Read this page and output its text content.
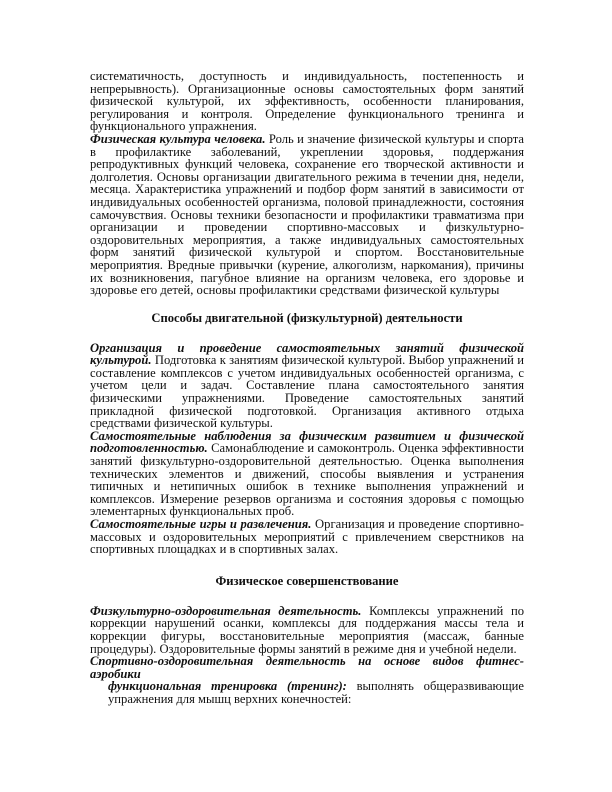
систематичность, доступность и индивидуальность, постепенность и непрерывность). Организационные основы самостоятельных форм занятий физической культурой, их эффективность, особенности планирования, регулирования и контроля. Определение функционального тренинга и функционального упражнения.

Физическая культура человека. Роль и значение физической культуры и спорта в профилактике заболеваний, укреплении здоровья, поддержания репродуктивных функций человека, сохранение его творческой активности и долголетия. Основы организации двигательного режима в течении дня, недели, месяца. Характеристика упражнений и подбор форм занятий в зависимости от индивидуальных особенностей организма, половой принадлежности, состояния самочувствия. Основы техники безопасности и профилактики травматизма при организации и проведении спортивно-массовых и физкультурно-оздоровительных мероприятия, а также индивидуальных самостоятельных форм занятий физической культурой и спортом. Восстановительные мероприятия. Вредные привычки (курение, алкоголизм, наркомания), причины их возникновения, пагубное влияние на организм человека, его здоровье и здоровье его детей, основы профилактики средствами физической культуры

Способы двигательной (физкультурной) деятельности

Организация и проведение самостоятельных занятий физической культурой. Подготовка к занятиям физической культурой. Выбор упражнений и составление комплексов с учетом индивидуальных особенностей организма, с учетом цели и задач. Составление плана самостоятельного занятия физическими упражнениями. Проведение самостоятельных занятий прикладной физической подготовкой. Организация активного отдыха средствами физической культуры.

Самостоятельные наблюдения за физическим развитием и физической подготовленностью. Самонаблюдение и самоконтроль. Оценка эффективности занятий физкультурно-оздоровительной деятельностью. Оценка выполнения технических элементов и движений, способы выявления и устранения типичных и нетипичных ошибок в технике выполнения упражнений и комплексов. Измерение резервов организма и состояния здоровья с помощью элементарных функциональных проб.

Самостоятельные игры и развлечения. Организация и проведение спортивно-массовых и оздоровительных мероприятий с привлечением сверстников на спортивных площадках и в спортивных залах.

Физическое совершенствование

Физкультурно-оздоровительная деятельность. Комплексы упражнений по коррекции нарушений осанки, комплексы для поддержания массы тела и коррекции фигуры, восстановительные мероприятия (массаж, банные процедуры). Оздоровительные формы занятий в режиме дня и учебной недели.

Спортивно-оздоровительная деятельность на основе видов фитнес-аэробики

функциональная тренировка (тренинг): выполнять общеразвивающие упражнения для мышц верхних конечностей:
